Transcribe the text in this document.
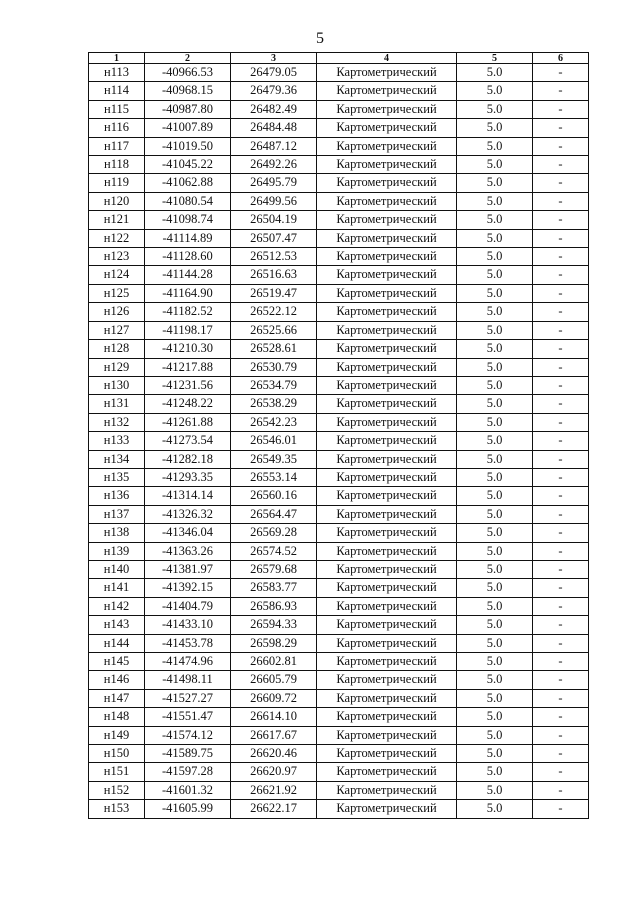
5
1	2	3	4	5	6
н113	-40966.53	26479.05	Картометрический	5.0	-
н114	-40968.15	26479.36	Картометрический	5.0	-
н115	-40987.80	26482.49	Картометрический	5.0	-
н116	-41007.89	26484.48	Картометрический	5.0	-
н117	-41019.50	26487.12	Картометрический	5.0	-
н118	-41045.22	26492.26	Картометрический	5.0	-
н119	-41062.88	26495.79	Картометрический	5.0	-
н120	-41080.54	26499.56	Картометрический	5.0	-
н121	-41098.74	26504.19	Картометрический	5.0	-
н122	-41114.89	26507.47	Картометрический	5.0	-
н123	-41128.60	26512.53	Картометрический	5.0	-
н124	-41144.28	26516.63	Картометрический	5.0	-
н125	-41164.90	26519.47	Картометрический	5.0	-
н126	-41182.52	26522.12	Картометрический	5.0	-
н127	-41198.17	26525.66	Картометрический	5.0	-
н128	-41210.30	26528.61	Картометрический	5.0	-
н129	-41217.88	26530.79	Картометрический	5.0	-
н130	-41231.56	26534.79	Картометрический	5.0	-
н131	-41248.22	26538.29	Картометрический	5.0	-
н132	-41261.88	26542.23	Картометрический	5.0	-
н133	-41273.54	26546.01	Картометрический	5.0	-
н134	-41282.18	26549.35	Картометрический	5.0	-
н135	-41293.35	26553.14	Картометрический	5.0	-
н136	-41314.14	26560.16	Картометрический	5.0	-
н137	-41326.32	26564.47	Картометрический	5.0	-
н138	-41346.04	26569.28	Картометрический	5.0	-
н139	-41363.26	26574.52	Картометрический	5.0	-
н140	-41381.97	26579.68	Картометрический	5.0	-
н141	-41392.15	26583.77	Картометрический	5.0	-
н142	-41404.79	26586.93	Картометрический	5.0	-
н143	-41433.10	26594.33	Картометрический	5.0	-
н144	-41453.78	26598.29	Картометрический	5.0	-
н145	-41474.96	26602.81	Картометрический	5.0	-
н146	-41498.11	26605.79	Картометрический	5.0	-
н147	-41527.27	26609.72	Картометрический	5.0	-
н148	-41551.47	26614.10	Картометрический	5.0	-
н149	-41574.12	26617.67	Картометрический	5.0	-
н150	-41589.75	26620.46	Картометрический	5.0	-
н151	-41597.28	26620.97	Картометрический	5.0	-
н152	-41601.32	26621.92	Картометрический	5.0	-
н153	-41605.99	26622.17	Картометрический	5.0	-
